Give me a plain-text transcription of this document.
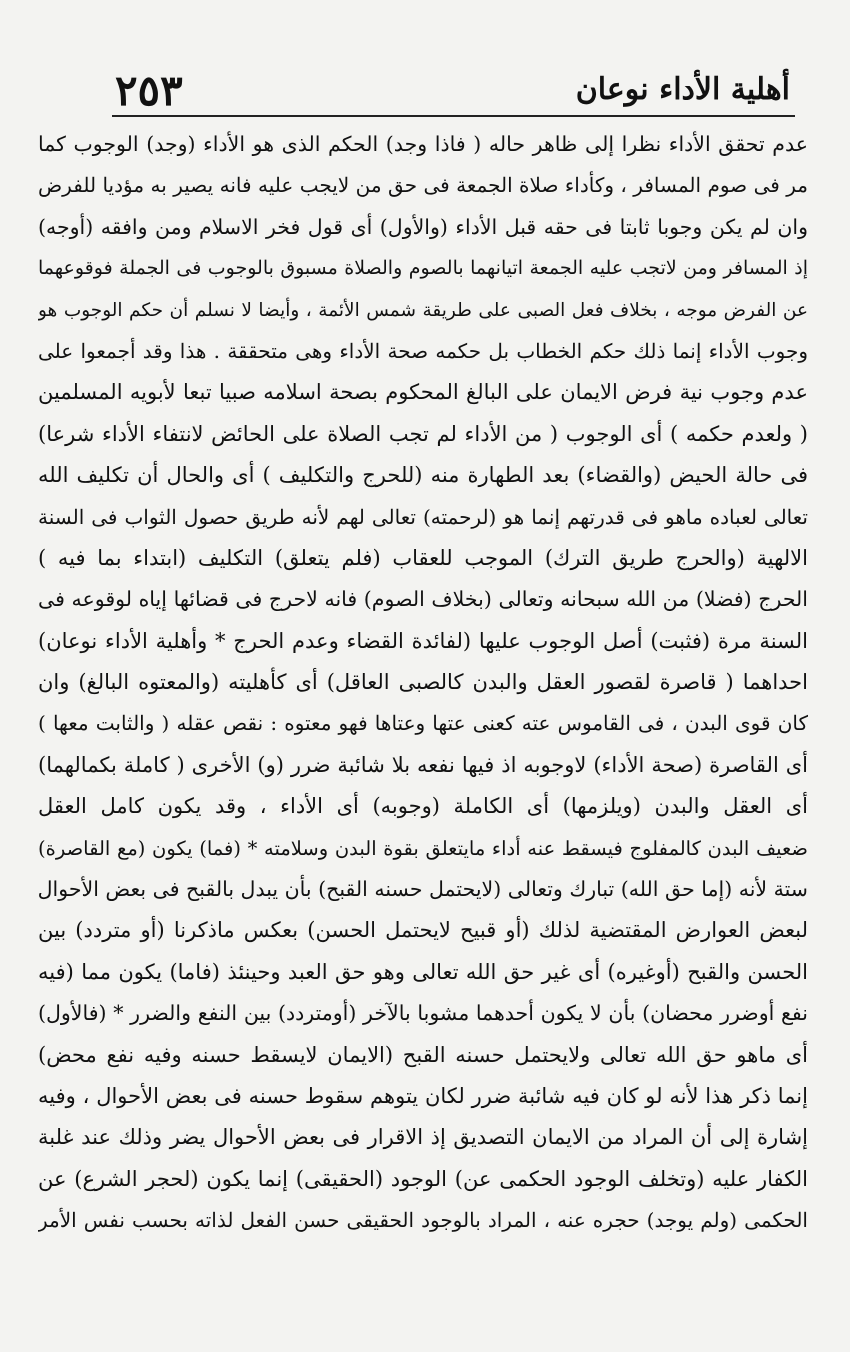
أهلية الأداء نوعان
٢٥٣
عدم تحقق الأداء نظرا إلى ظاهر حاله ( فاذا وجد) الحكم الذى هو الأداء (وجد) الوجوب كما
مر فى صوم المسافر ، وكأداء صلاة الجمعة فى حق من لايجب عليه فانه يصير به مؤديا للفرض
وان لم يكن وجوبا ثابتا فى حقه قبل الأداء (والأول) أى قول فخر الاسلام ومن وافقه (أوجه)
إذ المسافر ومن لاتجب عليه الجمعة اتيانهما بالصوم والصلاة مسبوق بالوجوب فى الجملة فوقوعهما
عن الفرض موجه ، بخلاف فعل الصبى على طريقة شمس الأئمة ، وأيضا لا نسلم أن حكم الوجوب هو
وجوب الأداء إنما ذلك حكم الخطاب بل حكمه صحة الأداء وهى متحققة . هذا وقد أجمعوا على
عدم وجوب نية فرض الايمان على البالغ المحكوم بصحة اسلامه صبيا تبعا لأبويه المسلمين
( ولعدم حكمه ) أى الوجوب ( من الأداء لم تجب الصلاة على الحائض لانتفاء الأداء شرعا)
فى حالة الحيض (والقضاء) بعد الطهارة منه (للحرج والتكليف ) أى والحال أن تكليف الله
تعالى لعباده ماهو فى قدرتهم إنما هو (لرحمته) تعالى لهم لأنه طريق حصول الثواب فى السنة
الالهية (والحرج طريق الترك) الموجب للعقاب (فلم يتعلق) التكليف (ابتداء بما فيه )
الحرج (فضلا) من الله سبحانه وتعالى (بخلاف الصوم) فانه لاحرج فى قضائها إياه لوقوعه فى
السنة مرة (فثبت) أصل الوجوب عليها (لفائدة القضاء وعدم الحرج * وأهلية الأداء نوعان)
احداهما ( قاصرة لقصور العقل والبدن كالصبى العاقل) أى كأهليته (والمعتوه البالغ) وان
كان قوى البدن ، فى القاموس عته كعنى عتها وعتاها فهو معتوه : نقص عقله ( والثابت معها )
أى القاصرة (صحة الأداء) لاوجوبه اذ فيها نفعه بلا شائبة ضرر (و) الأخرى ( كاملة بكمالهما)
أى العقل والبدن (ويلزمها) أى الكاملة (وجوبه) أى الأداء ، وقد يكون كامل العقل
ضعيف البدن كالمفلوج فيسقط عنه أداء مايتعلق بقوة البدن وسلامته * (فما) يكون (مع القاصرة)
ستة لأنه (إما حق الله) تبارك وتعالى (لايحتمل حسنه القبح) بأن يبدل بالقبح فى بعض الأحوال
لبعض العوارض المقتضية لذلك (أو قبيح لايحتمل الحسن) بعكس ماذكرنا (أو متردد) بين
الحسن والقبح (أوغيره) أى غير حق الله تعالى وهو حق العبد وحينئذ (فاما) يكون مما (فيه
نفع أوضرر محضان) بأن لا يكون أحدهما مشوبا بالآخر (أومتردد) بين النفع والضرر * (فالأول)
أى ماهو حق الله تعالى ولايحتمل حسنه القبح (الايمان لايسقط حسنه وفيه نفع محض)
إنما ذكر هذا لأنه لو كان فيه شائبة ضرر لكان يتوهم سقوط حسنه فى بعض الأحوال ، وفيه
إشارة إلى أن المراد من الايمان التصديق إذ الاقرار فى بعض الأحوال يضر وذلك عند غلبة
الكفار عليه (وتخلف الوجود الحكمى عن) الوجود (الحقيقى) إنما يكون (لحجر الشرع) عن
الحكمى (ولم يوجد) حجره عنه ، المراد بالوجود الحقيقى حسن الفعل لذاته بحسب نفس الأمر
